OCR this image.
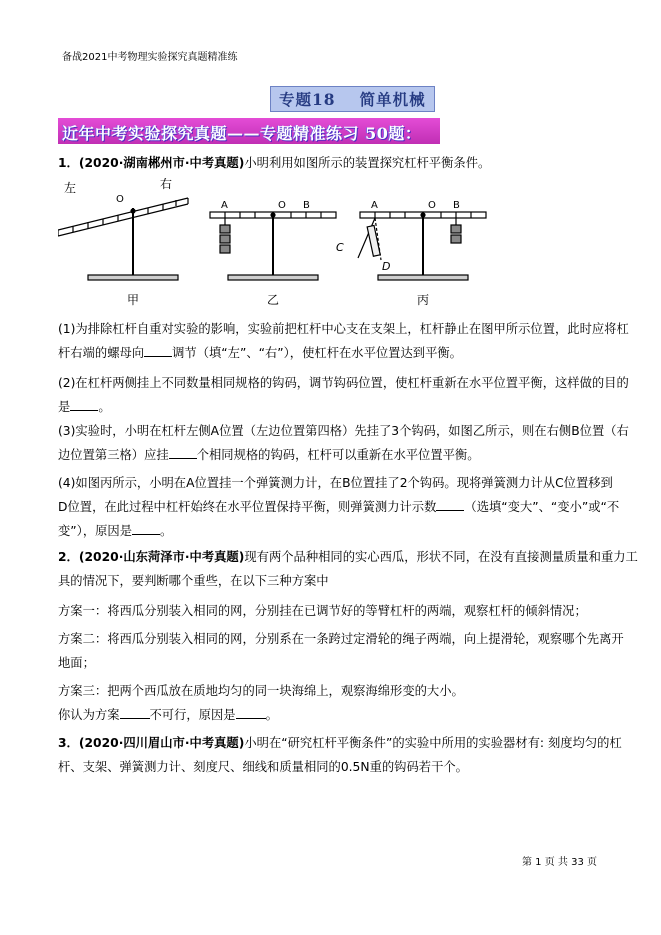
备战2021中考物理实验探究真题精准练
专题18 简单机械
近年中考实验探究真题——专题精准练习 50题：
1．(2020·湖南郴州市·中考真题)小明利用如图所示的装置探究杠杆平衡条件。
左	右
O
A	O B	A	O B
C
D
甲	乙	丙
(1)为排除杠杆自重对实验的影响，实验前把杠杆中心支在支架上，杠杆静止在图甲所示位置，此时应将杠
杆右端的螺母向 调节（填“左”、“右”），使杠杆在水平位置达到平衡。
(2)在杠杆两侧挂上不同数量相同规格的钩码，调节钩码位置，使杠杆重新在水平位置平衡，这样做的目的
是 。
(3)实验时，小明在杠杆左侧A位置（左边位置第四格）先挂了3个钩码，如图乙所示，则在右侧B位置（右
边位置第三格）应挂 个相同规格的钩码，杠杆可以重新在水平位置平衡。
(4)如图丙所示，小明在A位置挂一个弹簧测力计，在B位置挂了2个钩码。现将弹簧测力计从C位置移到
D位置，在此过程中杠杆始终在水平位置保持平衡，则弹簧测力计示数 （选填“变大”、“变小”或“不
变”），原因是 。
2．(2020·山东菏泽市·中考真题)现有两个品种相同的实心西瓜，形状不同，在没有直接测量质量和重力工
具的情况下，要判断哪个重些，在以下三种方案中
方案一：将西瓜分别装入相同的网，分别挂在已调节好的等臂杠杆的两端，观察杠杆的倾斜情况；
方案二：将西瓜分别装入相同的网，分别系在一条跨过定滑轮的绳子两端，向上提滑轮，观察哪个先离开
地面；
方案三：把两个西瓜放在质地均匀的同一块海绵上，观察海绵形变的大小。
你认为方案 不可行，原因是 。
3．(2020·四川眉山市·中考真题)小明在“研究杠杆平衡条件”的实验中所用的实验器材有: 刻度均匀的杠
杆、支架、弹簧测力计、刻度尺、细线和质量相同的0.5N重的钩码若干个。
第 1 页 共 33 页
